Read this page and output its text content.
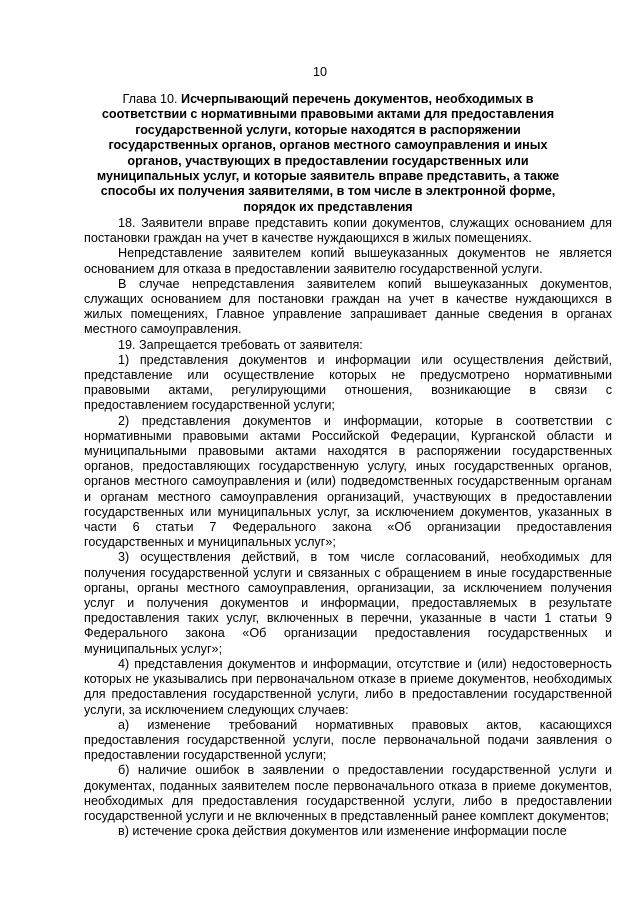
10
Глава 10. Исчерпывающий перечень документов, необходимых в соответствии с нормативными правовыми актами для предоставления государственной услуги, которые находятся в распоряжении государственных органов, органов местного самоуправления и иных органов, участвующих в предоставлении государственных или муниципальных услуг, и которые заявитель вправе представить, а также способы их получения заявителями, в том числе в электронной форме, порядок их представления

18. Заявители вправе представить копии документов, служащих основанием для постановки граждан на учет в качестве нуждающихся в жилых помещениях.

Непредставление заявителем копий вышеуказанных документов не является основанием для отказа в предоставлении заявителю государственной услуги.

В случае непредставления заявителем копий вышеуказанных документов, служащих основанием для постановки граждан на учет в качестве нуждающихся в жилых помещениях, Главное управление запрашивает данные сведения в органах местного самоуправления.

19. Запрещается требовать от заявителя:

1) представления документов и информации или осуществления действий, представление или осуществление которых не предусмотрено нормативными правовыми актами, регулирующими отношения, возникающие в связи с предоставлением государственной услуги;

2) представления документов и информации, которые в соответствии с нормативными правовыми актами Российской Федерации, Курганской области и муниципальными правовыми актами находятся в распоряжении государственных органов, предоставляющих государственную услугу, иных государственных органов, органов местного самоуправления и (или) подведомственных государственным органам и органам местного самоуправления организаций, участвующих в предоставлении государственных или муниципальных услуг, за исключением документов, указанных в части 6 статьи 7 Федерального закона «Об организации предоставления государственных и муниципальных услуг»;

3) осуществления действий, в том числе согласований, необходимых для получения государственной услуги и связанных с обращением в иные государственные органы, органы местного самоуправления, организации, за исключением получения услуг и получения документов и информации, предоставляемых в результате предоставления таких услуг, включенных в перечни, указанные в части 1 статьи 9 Федерального закона «Об организации предоставления государственных и муниципальных услуг»;

4) представления документов и информации, отсутствие и (или) недостоверность которых не указывались при первоначальном отказе в приеме документов, необходимых для предоставления государственной услуги, либо в предоставлении государственной услуги, за исключением следующих случаев:

а) изменение требований нормативных правовых актов, касающихся предоставления государственной услуги, после первоначальной подачи заявления о предоставлении государственной услуги;

б) наличие ошибок в заявлении о предоставлении государственной услуги и документах, поданных заявителем после первоначального отказа в приеме документов, необходимых для предоставления государственной услуги, либо в предоставлении государственной услуги и не включенных в представленный ранее комплект документов;

в) истечение срока действия документов или изменение информации после
